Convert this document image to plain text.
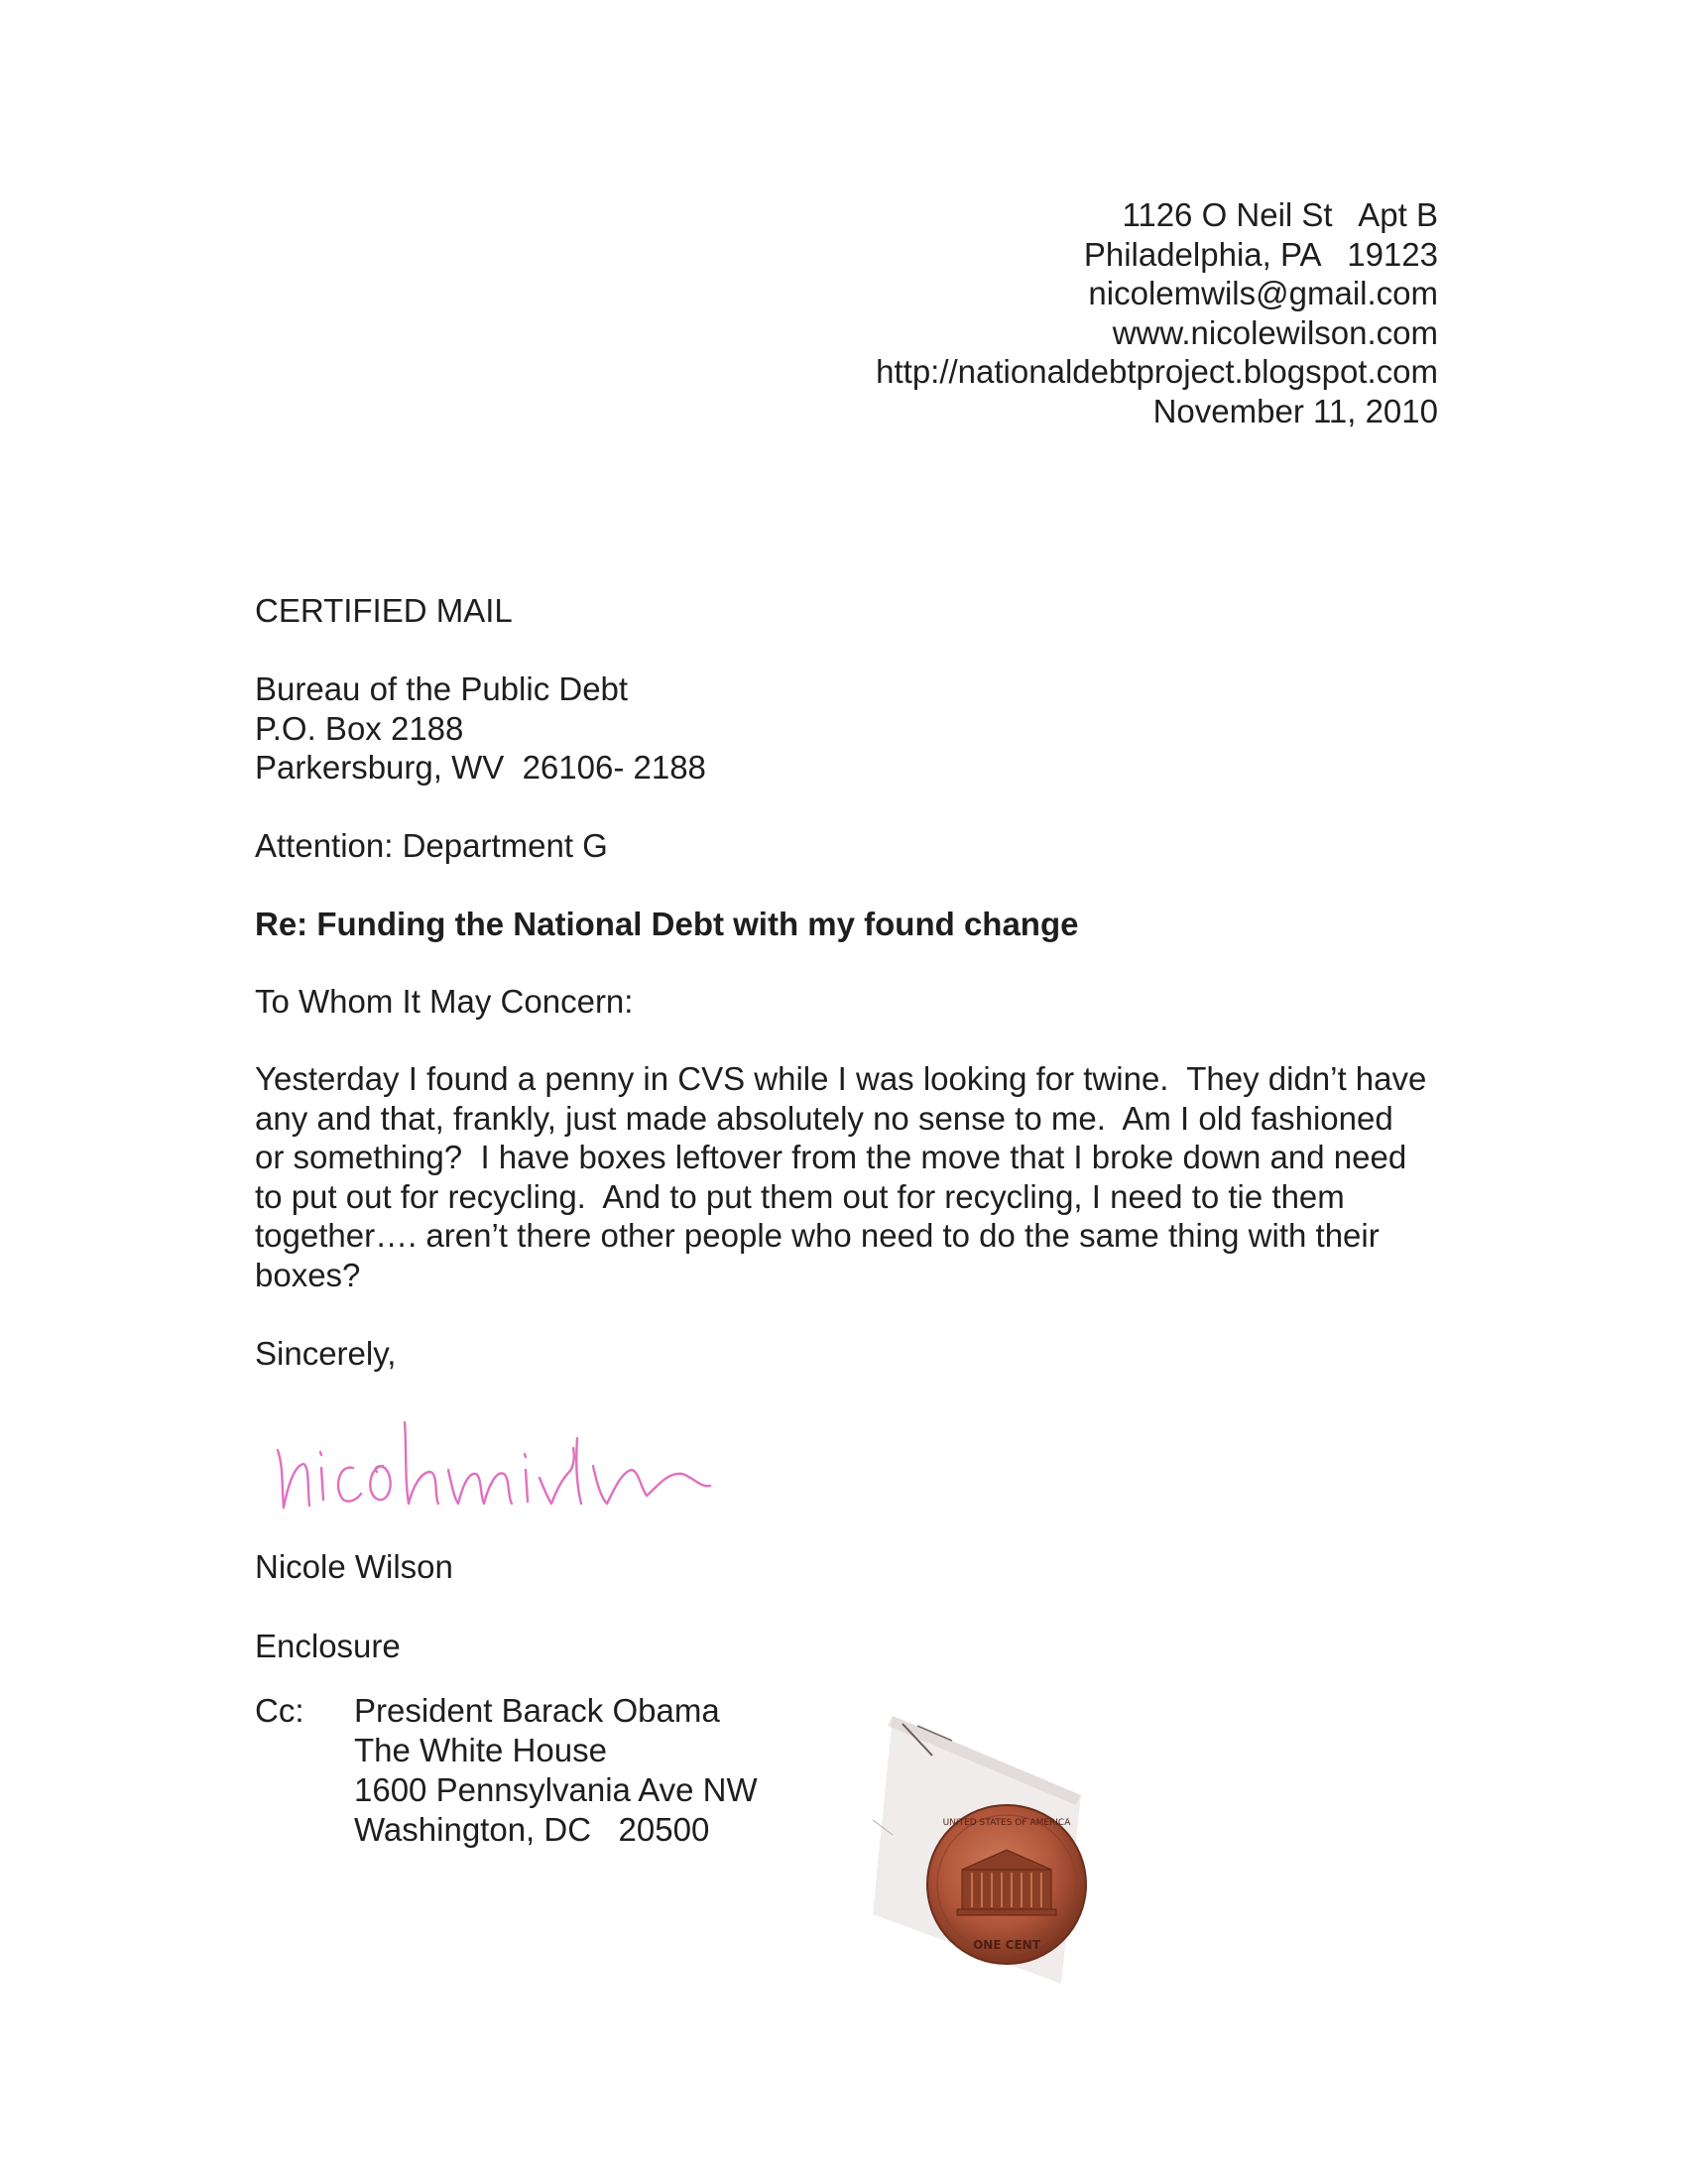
1126 O Neil St   Apt B
Philadelphia, PA   19123
nicolemwils@gmail.com
www.nicolewilson.com
http://nationaldebtproject.blogspot.com
November 11, 2010
CERTIFIED MAIL
Bureau of the Public Debt
P.O. Box 2188
Parkersburg, WV  26106- 2188
Attention: Department G
Re: Funding the National Debt with my found change
To Whom It May Concern:
Yesterday I found a penny in CVS while I was looking for twine.  They didn’t have
any and that, frankly, just made absolutely no sense to me.  Am I old fashioned
or something?  I have boxes leftover from the move that I broke down and need
to put out for recycling.  And to put them out for recycling, I need to tie them
together…. aren’t there other people who need to do the same thing with their
boxes?
Sincerely,
Nicole Wilson
Enclosure
Cc: President Barack Obama
The White House
1600 Pennsylvania Ave NW
Washington, DC   20500	UNITED STATES OF AMERICA
ONE CENT
